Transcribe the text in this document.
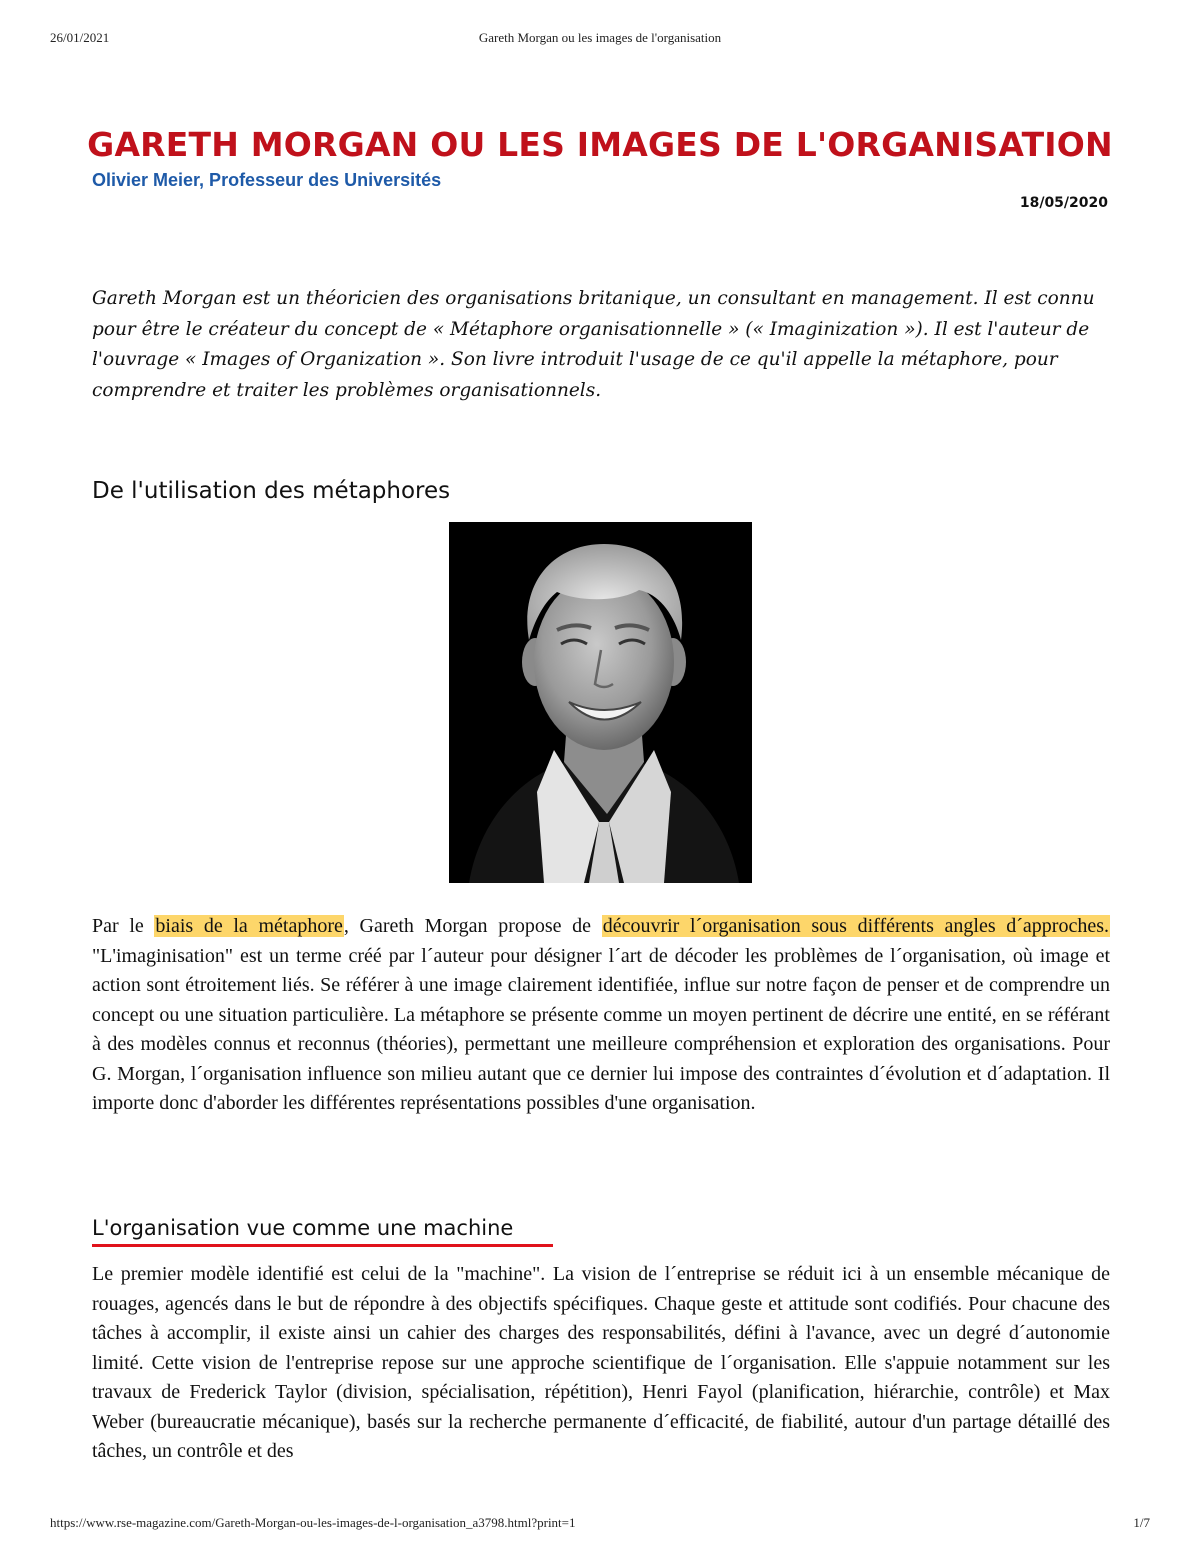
26/01/2021	Gareth Morgan ou les images de l'organisation
GARETH MORGAN OU LES IMAGES DE L'ORGANISATION

Olivier Meier, Professeur des Universités

18/05/2020

Gareth Morgan est un théoricien des organisations britanique, un consultant en management. Il est connu pour être le créateur du concept de « Métaphore organisationnelle » (« Imaginization »). Il est l'auteur de l'ouvrage « Images of Organization ». Son livre introduit l'usage de ce qu'il appelle la métaphore, pour comprendre et traiter les problèmes organisationnels.

De l'utilisation des métaphores

Par le biais de la métaphore, Gareth Morgan propose de découvrir l´organisation sous différents angles d´approches. "L'imaginisation" est un terme créé par l´auteur pour désigner l´art de décoder les problèmes de l´organisation, où image et action sont étroitement liés. Se référer à une image clairement identifiée, influe sur notre façon de penser et de comprendre un concept ou une situation particulière. La métaphore se présente comme un moyen pertinent de décrire une entité, en se référant à des modèles connus et reconnus (théories), permettant une meilleure compréhension et exploration des organisations. Pour G. Morgan, l´organisation influence son milieu autant que ce dernier lui impose des contraintes d´évolution et d´adaptation. Il importe donc d'aborder les différentes représentations possibles d'une organisation.

L'organisation vue comme une machine

Le premier modèle identifié est celui de la "machine". La vision de l´entreprise se réduit ici à un ensemble mécanique de rouages, agencés dans le but de répondre à des objectifs spécifiques. Chaque geste et attitude sont codifiés. Pour chacune des tâches à accomplir, il existe ainsi un cahier des charges des responsabilités, défini à l'avance, avec un degré d´autonomie limité. Cette vision de l'entreprise repose sur une approche scientifique de l´organisation. Elle s'appuie notamment sur les travaux de Frederick Taylor (division, spécialisation, répétition), Henri Fayol (planification, hiérarchie, contrôle) et Max Weber (bureaucratie mécanique), basés sur la recherche permanente d´efficacité, de fiabilité, autour d'un partage détaillé des tâches, un contrôle et des

https://www.rse-magazine.com/Gareth-Morgan-ou-les-images-de-l-organisation_a3798.html?print=1	1/7
